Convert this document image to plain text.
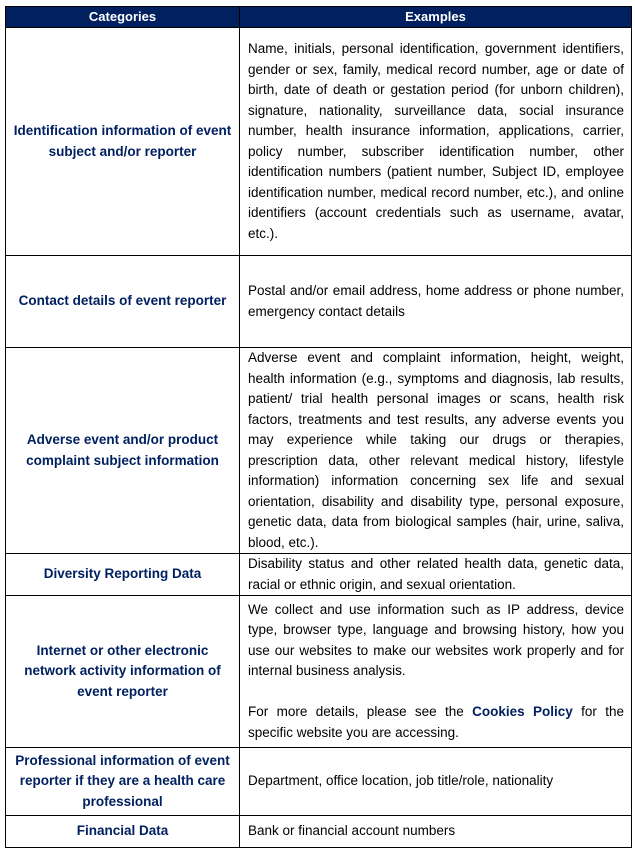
Categories	Examples
Identification information of event subject and/or reporter	Name, initials, personal identification, government identifiers, gender or sex, family, medical record number, age or date of birth, date of death or gestation period (for unborn children), signature, nationality, surveillance data, social insurance number, health insurance information, applications, carrier, policy number, subscriber identification number, other identification numbers (patient number, Subject ID, employee identification number, medical record number, etc.), and online identifiers (account credentials such as username, avatar, etc.).
Contact details of event reporter	Postal and/or email address, home address or phone number, emergency contact details
Adverse event and/or product complaint subject information	Adverse event and complaint information, height, weight, health information (e.g., symptoms and diagnosis, lab results, patient/ trial health personal images or scans, health risk factors, treatments and test results, any adverse events you may experience while taking our drugs or therapies, prescription data, other relevant medical history, lifestyle information) information concerning sex life and sexual orientation, disability and disability type, personal exposure, genetic data, data from biological samples (hair, urine, saliva, blood, etc.).
Diversity Reporting Data	Disability status and other related health data, genetic data, racial or ethnic origin, and sexual orientation.
Internet or other electronic network activity information of event reporter	We collect and use information such as IP address, device type, browser type, language and browsing history, how you use our websites to make our websites work properly and for internal business analysis.

For more details, please see the Cookies Policy for the specific website you are accessing.

Professional information of event reporter if they are a health care professional	Department, office location, job title/role, nationality
Financial Data	Bank or financial account numbers
